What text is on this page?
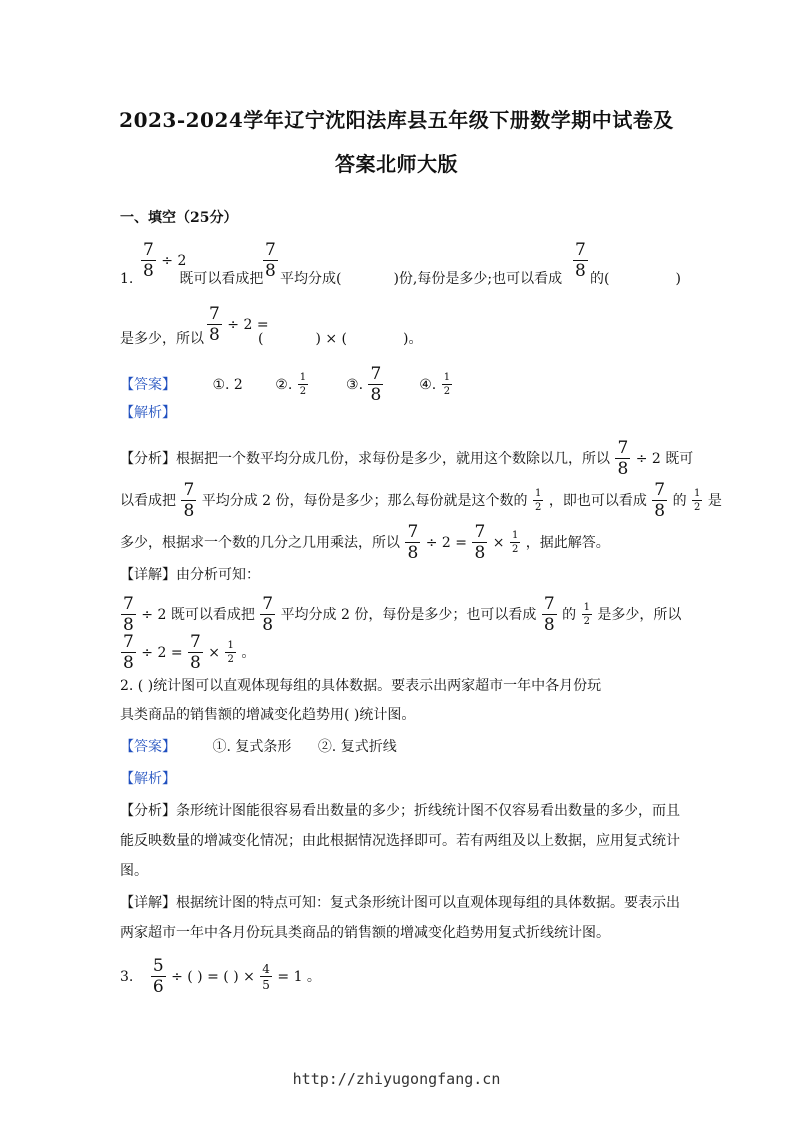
2023-2024学年辽宁沈阳法库县五年级下册数学期中试卷及
答案北师大版
一、填空（25分）
$\frac{7}{8} \div 2$
1.	既可以看成把 $\frac{7}{8}$ 平均分成(	)份,每份是多少;也可以看成 $\frac{7}{8}$ 的(	)
是多少，所以 $\frac{7}{8} \div 2$ =
(	) × (	)。
【答案】	①. 2 ②. $\frac{1}{2}$	③. $\frac{7}{8}$	④. $\frac{1}{2}$
【解析】
【分析】根据把一个数平均分成几份，求每份是多少，就用这个数除以几，所以 $\frac{7}{8} \div 2$ 既可
以看成把 $\frac{7}{8}$ 平均分成 2 份，每份是多少；那么每份就是这个数的 $\frac{1}{2}$ ，即也可以看成 $\frac{7}{8}$ 的 $\frac{1}{2}$ 是
多少，根据求一个数的几分之几用乘法，所以 $\frac{7}{8} \div 2 = \frac{7}{8} \times \frac{1}{2}$ ，据此解答。
【详解】由分析可知：
$\frac{7}{8} \div 2$ 既可以看成把 $\frac{7}{8}$ 平均分成 2 份，每份是多少；也可以看成 $\frac{7}{8}$ 的 $\frac{1}{2}$ 是多少，所以
$\frac{7}{8} \div 2 = \frac{7}{8} \times \frac{1}{2}$ 。
2. ( )统计图可以直观体现每组的具体数据。要表示出两家超市一年中各月份玩
具类商品的销售额的增减变化趋势用( )统计图。
【答案】	①. 复式条形 ②. 复式折线
【解析】
【分析】条形统计图能很容易看出数量的多少；折线统计图不仅容易看出数量的多少，而且
能反映数量的增减变化情况；由此根据情况选择即可。若有两组及以上数据，应用复式统计
图。
【详解】根据统计图的特点可知：复式条形统计图可以直观体现每组的具体数据。要表示出
两家超市一年中各月份玩具类商品的销售额的增减变化趋势用复式折线统计图。
3. $\frac{5}{6}$ ÷ ( ) = ( ) × $\frac{4}{5} = 1$ 。
http://zhiyugongfang.cn
